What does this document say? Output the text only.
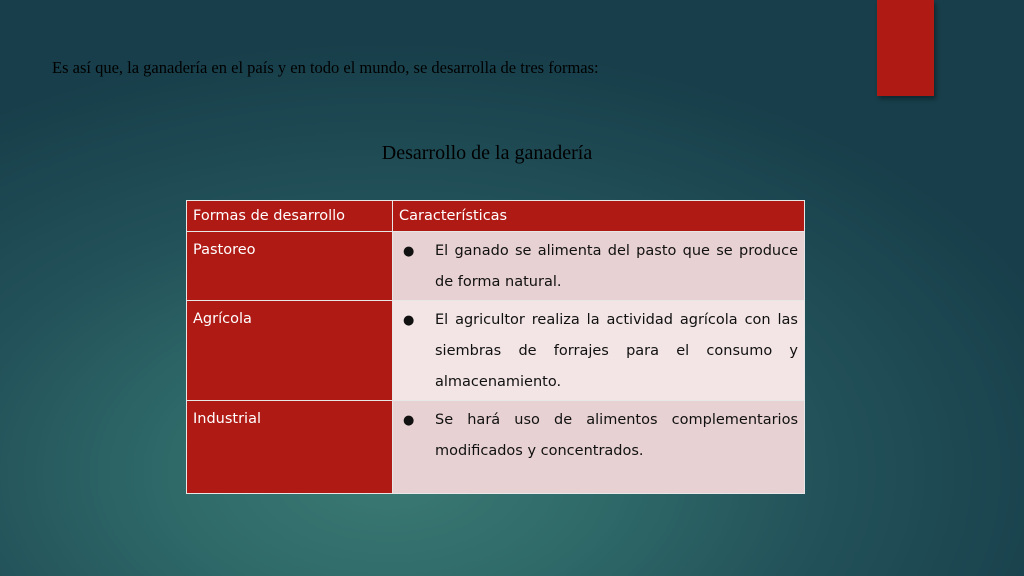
Es así que, la ganadería en el país y en todo el mundo, se desarrolla de tres formas:

Desarrollo de la ganadería
Formas de desarrollo	Características
Pastoreo	● El ganado se alimenta del pasto que se produce de forma natural.

Agrícola	● El agricultor realiza la actividad agrícola con las siembras de forrajes para el consumo y almacenamiento.

Industrial	● Se hará uso de alimentos complementarios modificados y concentrados.
